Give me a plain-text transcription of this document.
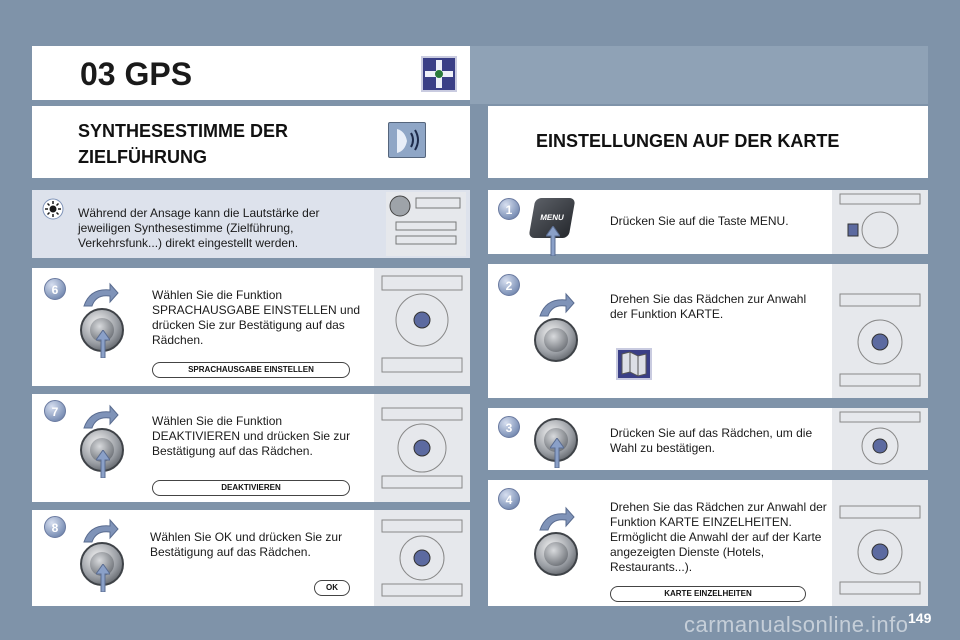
03 GPS
SYNTHESESTIMME DER ZIELFÜHRUNG
EINSTELLUNGEN AUF DER KARTE
Während der Ansage kann die Lautstärke der jeweiligen Synthesestimme (Zielführung, Verkehrsfunk...) direkt eingestellt werden.
6	Wählen Sie die Funktion SPRACHAUSGABE EINSTELLEN und drücken Sie zur Bestätigung auf das Rädchen.
SPRACHAUSGABE EINSTELLEN
7
Wählen Sie die Funktion DEAKTIVIEREN und drücken Sie zur Bestätigung auf das Rädchen.
DEAKTIVIEREN
8
Wählen Sie OK und drücken Sie zur Bestätigung auf das Rädchen.
OK
1
MENU	Drücken Sie auf die Taste MENU.
2
Drehen Sie das Rädchen zur Anwahl der Funktion KARTE.
3	Drücken Sie auf das Rädchen, um die Wahl zu bestätigen.
4	Drehen Sie das Rädchen zur Anwahl der Funktion KARTE EINZELHEITEN. Ermöglicht die Anwahl der auf der Karte angezeigten Dienste (Hotels, Restaurants...).
KARTE EINZELHEITEN
carmanualsonline.info 149
